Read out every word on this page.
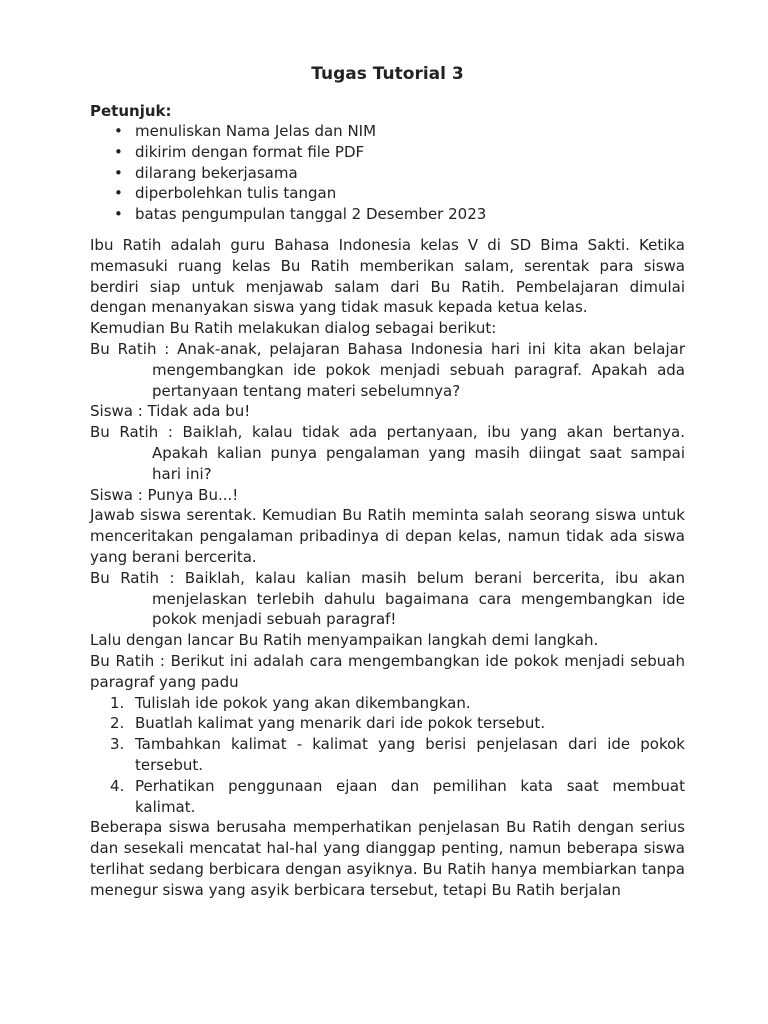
Tugas Tutorial 3

Petunjuk:

• menuliskan Nama Jelas dan NIM
• dikirim dengan format file PDF
• dilarang bekerjasama
• diperbolehkan tulis tangan
• batas pengumpulan tanggal 2 Desember 2023

Ibu Ratih adalah guru Bahasa Indonesia kelas V di SD Bima Sakti. Ketika memasuki ruang kelas Bu Ratih memberikan salam, serentak para siswa berdiri siap untuk menjawab salam dari Bu Ratih. Pembelajaran dimulai dengan menanyakan siswa yang tidak masuk kepada ketua kelas.

Kemudian Bu Ratih melakukan dialog sebagai berikut:

Bu Ratih : Anak-anak, pelajaran Bahasa Indonesia hari ini kita akan belajar mengembangkan ide pokok menjadi sebuah paragraf. Apakah ada pertanyaan tentang materi sebelumnya?

Siswa : Tidak ada bu!

Bu Ratih : Baiklah, kalau tidak ada pertanyaan, ibu yang akan bertanya. Apakah kalian punya pengalaman yang masih diingat saat sampai hari ini?

Siswa : Punya Bu...!

Jawab siswa serentak. Kemudian Bu Ratih meminta salah seorang siswa untuk menceritakan pengalaman pribadinya di depan kelas, namun tidak ada siswa yang berani bercerita.

Bu Ratih : Baiklah, kalau kalian masih belum berani bercerita, ibu akan menjelaskan terlebih dahulu bagaimana cara mengembangkan ide pokok menjadi sebuah paragraf!

Lalu dengan lancar Bu Ratih menyampaikan langkah demi langkah.

Bu Ratih : Berikut ini adalah cara mengembangkan ide pokok menjadi sebuah paragraf yang padu

1. Tulislah ide pokok yang akan dikembangkan.
2. Buatlah kalimat yang menarik dari ide pokok tersebut.
3. Tambahkan kalimat - kalimat yang berisi penjelasan dari ide pokok tersebut.
4. Perhatikan penggunaan ejaan dan pemilihan kata saat membuat kalimat.

Beberapa siswa berusaha memperhatikan penjelasan Bu Ratih dengan serius dan sesekali mencatat hal-hal yang dianggap penting, namun beberapa siswa terlihat sedang berbicara dengan asyiknya. Bu Ratih hanya membiarkan tanpa menegur siswa yang asyik berbicara tersebut, tetapi Bu Ratih berjalan
